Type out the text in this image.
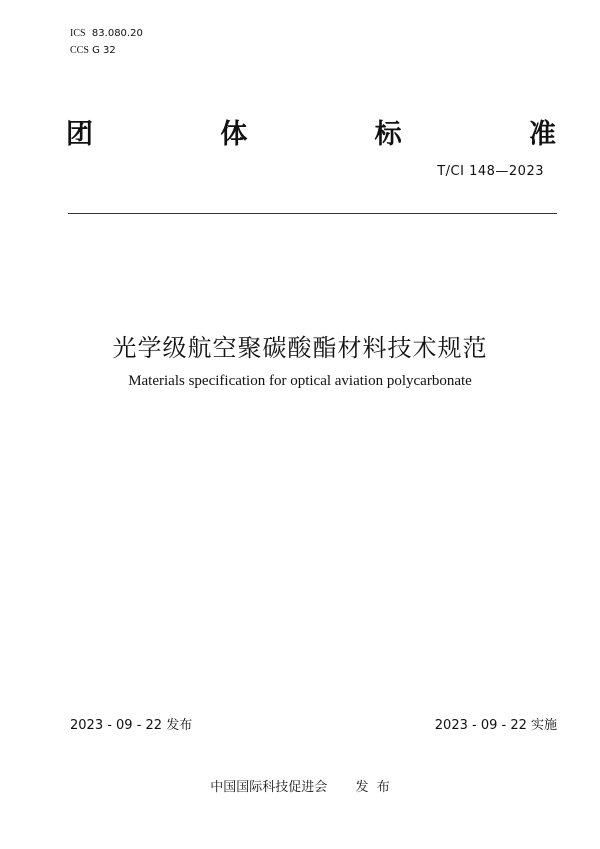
ICS 83.080.20
CCS G 32
团	体	标	准
T/CI 148—2023
光学级航空聚碳酸酯材料技术规范
Materials specification for optical aviation polycarbonate
2023 - 09 - 22 发布	2023 - 09 - 22 实施
中国国际科技促进会 发  布
